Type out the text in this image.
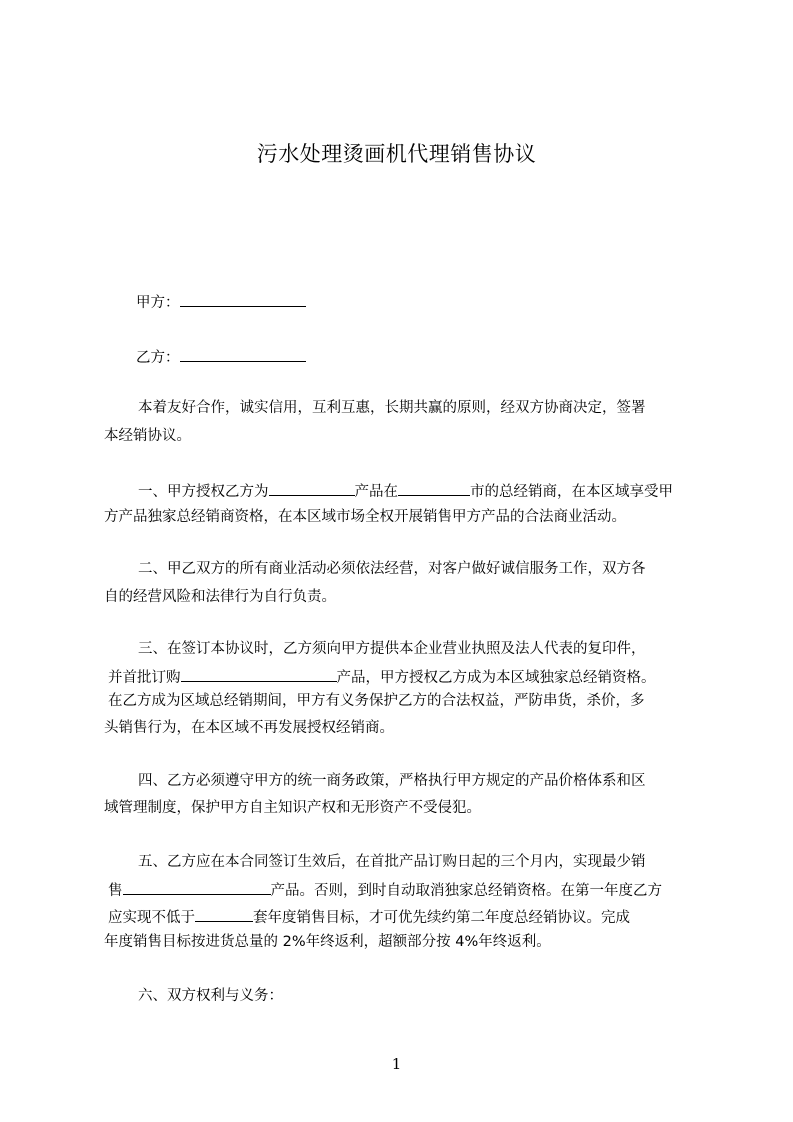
污水处理烫画机代理销售协议
甲方：
乙方：
本着友好合作，诚实信用，互利互惠，长期共赢的原则，经双方协商决定，签署
本经销协议。
一、甲方授权乙方为	产品在	市的总经销商，在本区域享受甲
方产品独家总经销商资格，在本区域市场全权开展销售甲方产品的合法商业活动。
二、甲乙双方的所有商业活动必须依法经营，对客户做好诚信服务工作，双方各
自的经营风险和法律行为自行负责。
三、在签订本协议时，乙方须向甲方提供本企业营业执照及法人代表的复印件，
并首批订购	产品，甲方授权乙方成为本区域独家总经销资格。
在乙方成为区域总经销期间，甲方有义务保护乙方的合法权益，严防串货，杀价，多
头销售行为，在本区域不再发展授权经销商。
四、乙方必须遵守甲方的统一商务政策，严格执行甲方规定的产品价格体系和区
域管理制度，保护甲方自主知识产权和无形资产不受侵犯。
五、乙方应在本合同签订生效后，在首批产品订购日起的三个月内，实现最少销
售	产品。否则，到时自动取消独家总经销资格。在第一年度乙方
应实现不低于	套年度销售目标，才可优先续约第二年度总经销协议。完成
年度销售目标按进货总量的 2%年终返利，超额部分按 4%年终返利。
六、双方权利与义务：
1
